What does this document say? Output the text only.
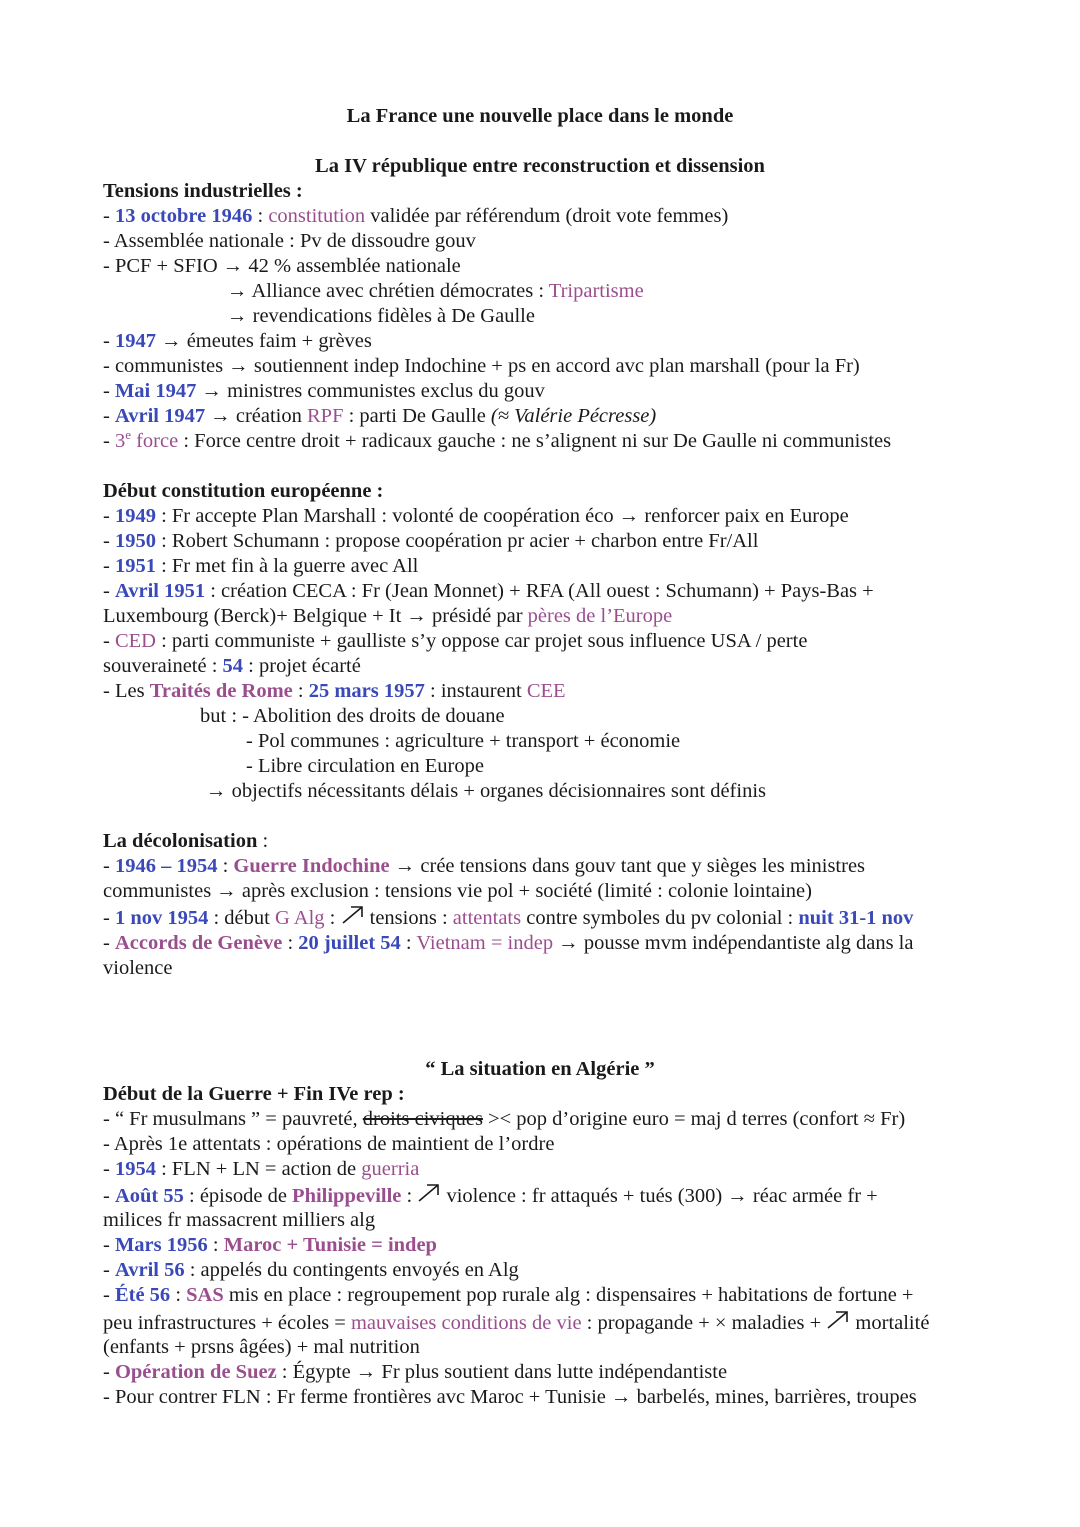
La France une nouvelle place dans le monde
La IV république entre reconstruction et dissension
Tensions industrielles :
- 13 octobre 1946 : constitution validée par référendum (droit vote femmes)
- Assemblée nationale : Pv de dissoudre gouv
- PCF + SFIO → 42 % assemblée nationale
→ Alliance avec chrétien démocrates : Tripartisme
→ revendications fidèles à De Gaulle
- 1947 → émeutes faim + grèves
- communistes → soutiennent indep Indochine + ps en accord avc plan marshall (pour la Fr)
- Mai 1947 → ministres communistes exclus du gouv
- Avril 1947 → création RPF : parti De Gaulle (≈ Valérie Pécresse)
- 3e force : Force centre droit + radicaux gauche : ne s’alignent ni sur De Gaulle ni communistes
Début constitution européenne :
- 1949 : Fr accepte Plan Marshall : volonté de coopération éco → renforcer paix en Europe
- 1950 : Robert Schumann : propose coopération pr acier + charbon entre Fr/All
- 1951 : Fr met fin à la guerre avec All
- Avril 1951 : création CECA : Fr (Jean Monnet) + RFA (All ouest : Schumann) + Pays-Bas +
Luxembourg (Berck)+ Belgique + It → présidé par pères de l’Europe
- CED : parti communiste + gaulliste s’y oppose car projet sous influence USA / perte
souveraineté : 54 : projet écarté
- Les Traités de Rome : 25 mars 1957 : instaurent CEE
but : - Abolition des droits de douane
- Pol communes : agriculture + transport + économie
- Libre circulation en Europe
→ objectifs nécessitants délais + organes décisionnaires sont définis
La décolonisation :
- 1946 – 1954 : Guerre Indochine → crée tensions dans gouv tant que y sièges les ministres
communistes → après exclusion : tensions vie pol + société (limité : colonie lointaine)
- 1 nov 1954 : début G Alg :
tensions : attentats contre symboles du pv colonial : nuit 31-1 nov
- Accords de Genève : 20 juillet 54 : Vietnam = indep → pousse mvm indépendantiste alg dans la
violence
“ La situation en Algérie ”
Début de la Guerre + Fin IVe rep :
- “ Fr musulmans ” = pauvreté, droits civiques >< pop d’origine euro = maj d terres (confort ≈ Fr)
- Après 1e attentats : opérations de maintient de l’ordre
- 1954 : FLN + LN = action de guerria
- Août 55 : épisode de Philippeville :
violence : fr attaqués + tués (300) → réac armée fr +
milices fr massacrent milliers alg
- Mars 1956 : Maroc + Tunisie = indep
- Avril 56 : appelés du contingents envoyés en Alg
- Été 56 : SAS mis en place : regroupement pop rurale alg : dispensaires + habitations de fortune +
peu infrastructures + écoles = mauvaises conditions de vie : propagande + × maladies +
mortalité
(enfants + prsns âgées) + mal nutrition
- Opération de Suez : Égypte → Fr plus soutient dans lutte indépendantiste
- Pour contrer FLN : Fr ferme frontières avc Maroc + Tunisie → barbelés, mines, barrières, troupes
